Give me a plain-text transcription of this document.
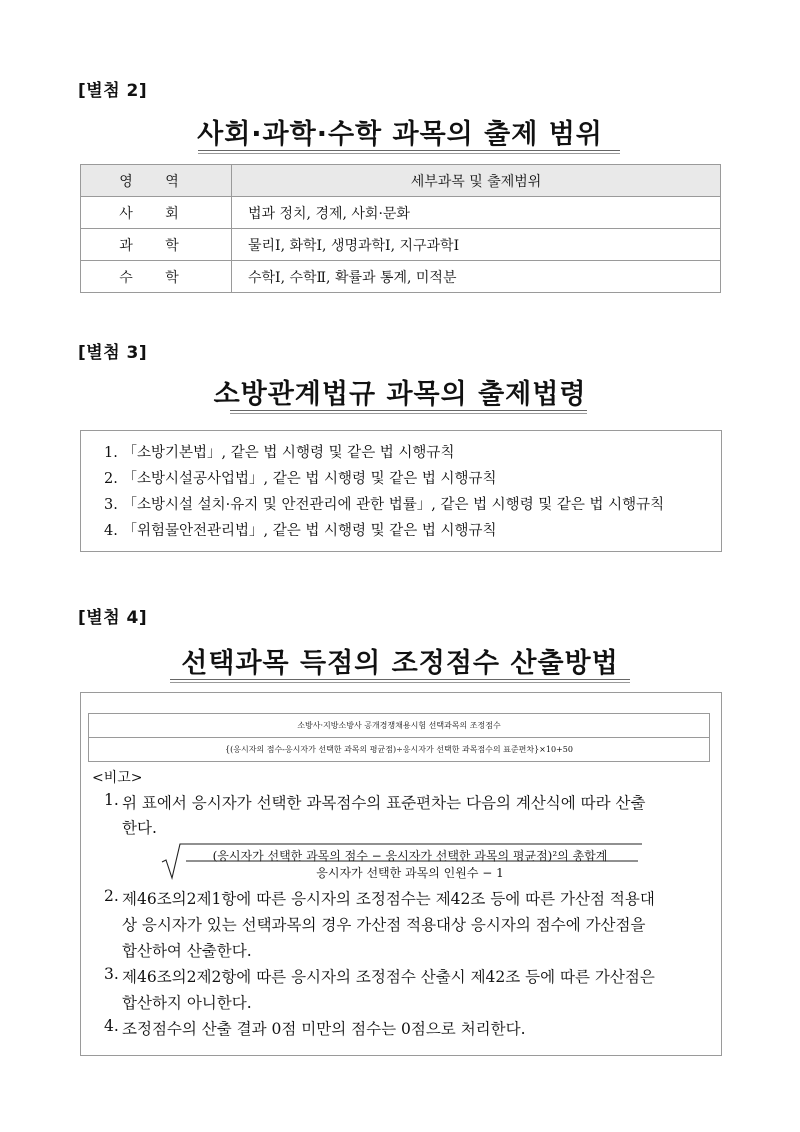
[별첨 2]
사회·과학·수학 과목의 출제 범위
영 역	세부과목 및 출제범위
사 회	법과 정치, 경제, 사회·문화
과 학	물리Ⅰ, 화학Ⅰ, 생명과학Ⅰ, 지구과학Ⅰ
수 학	수학Ⅰ, 수학Ⅱ, 확률과 통계, 미적분
[별첨 3]
소방관계법규 과목의 출제법령
1. 「소방기본법」, 같은 법 시행령 및 같은 법 시행규칙
2. 「소방시설공사업법」, 같은 법 시행령 및 같은 법 시행규칙
3. 「소방시설 설치·유지 및 안전관리에 관한 법률」, 같은 법 시행령 및 같은 법 시행규칙
4. 「위험물안전관리법」, 같은 법 시행령 및 같은 법 시행규칙
[별첨 4]
선택과목 득점의 조정점수 산출방법
소방사·지방소방사 공개경쟁채용시험 선택과목의 조정점수
{(응시자의 점수-응시자가 선택한 과목의 평균점)÷응시자가 선택한 과목점수의 표준편차}×10+50
<비고>
1. 위 표에서 응시자가 선택한 과목점수의 표준편차는 다음의 계산식에 따라 산출
한다.
(응시자가 선택한 과목의 점수 − 응시자가 선택한 과목의 평균점)²의 총합계
응시자가 선택한 과목의 인원수 − 1
2. 제46조의2제1항에 따른 응시자의 조정점수는 제42조 등에 따른 가산점 적용대
상 응시자가 있는 선택과목의 경우 가산점 적용대상 응시자의 점수에 가산점을
합산하여 산출한다.
3. 제46조의2제2항에 따른 응시자의 조정점수 산출시 제42조 등에 따른 가산점은
합산하지 아니한다.
4. 조정점수의 산출 결과 0점 미만의 점수는 0점으로 처리한다.
